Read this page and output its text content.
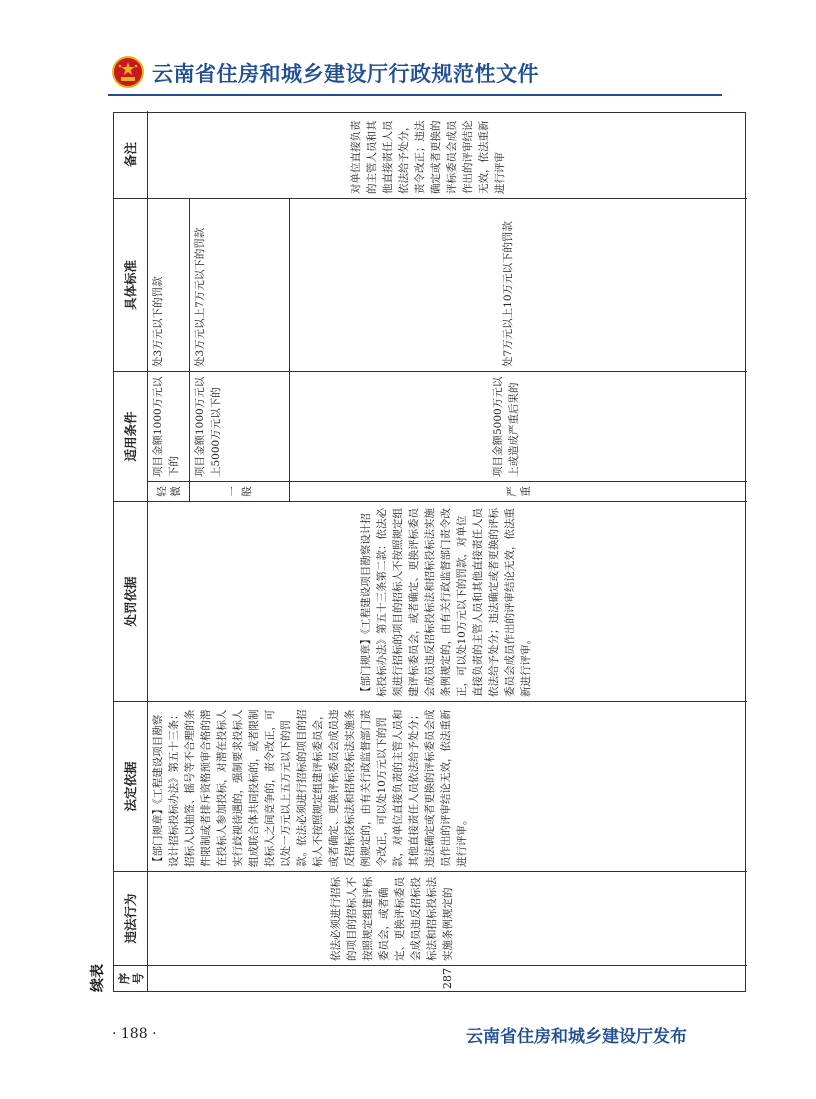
云南省住房和城乡建设厅行政规范性文件
续表 序号
违法行为
法定依据
处罚依据
适用条件
具体标准
备注
287
依法必须进行招标的项目的招标人不按照规定组建评标委员会，或者确定、更换评标委员会成员违反招标投标法和招标投标法实施条例规定的
【部门规章】《工程建设项目勘察设计招标投标办法》第五十三条：招标人以抽签、摇号等不合理的条件限制或者排斥资格预审合格的潜在投标人参加投标，对潜在投标人实行歧视待遇的，强制要求投标人组成联合体共同投标的，或者限制投标人之间竞争的，责令改正，可以处一万元以上五万元以下的罚款。依法必须进行招标的项目的招标人不按照规定组建评标委员会，或者确定、更换评标委员会成员违反招标投标法和招标投标法实施条例规定的，由有关行政监督部门责令改正，可以处10万元以下的罚款，对单位直接负责的主管人员和其他直接责任人员依法给予处分；违法确定或者更换的评标委员会成员作出的评审结论无效，依法重新进行评审。
【部门规章】《工程建设项目勘察设计招标投标办法》第五十三条第二款：依法必须进行招标的项目的招标人不按照规定组建评标委员会，或者确定、更换评标委员会成员违反招标投标法和招标投标法实施条例规定的，由有关行政监督部门责令改正，可以处10万元以下的罚款，对单位直接负责的主管人员和其他直接责任人员依法给予处分；违法确定或者更换的评标委员会成员作出的评审结论无效，依法重新进行评审。
轻微
项目金额1000万元以下的
处3万元以下的罚款
一般
项目金额1000万元以上5000万元以下的
处3万元以上7万元以下的罚款
严重
项目金额5000万元以上或造成严重后果的
处7万元以上10万元以下的罚款
对单位直接负责的主管人员和其他直接责任人员依法给予处分，责令改正；违法确定或者更换的评标委员会成员作出的评审结论无效，依法重新进行评审
· 188 ·	云南省住房和城乡建设厅发布
